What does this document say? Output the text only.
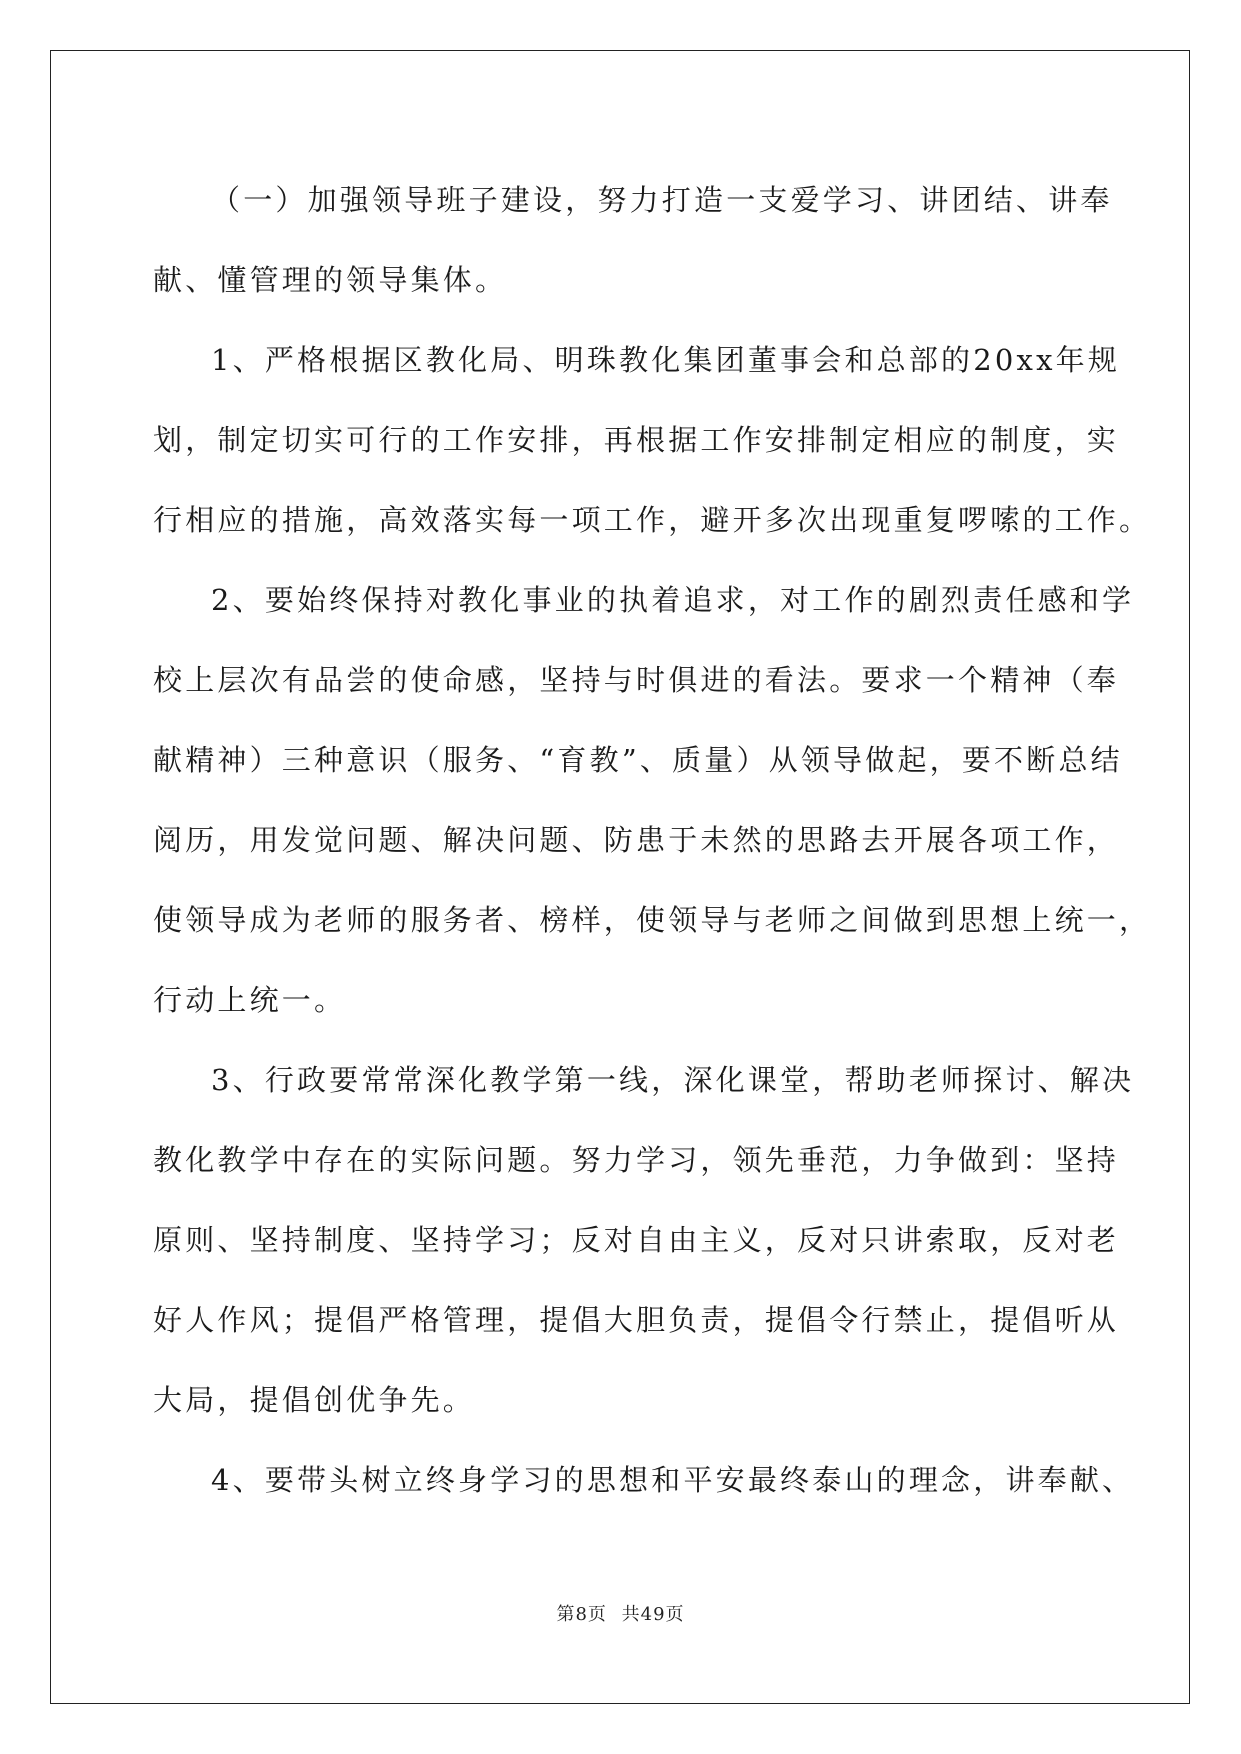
（一）加强领导班子建设，努力打造一支爱学习、讲团结、讲奉
献、懂管理的领导集体。

1、严格根据区教化局、明珠教化集团董事会和总部的20xx年规
划，制定切实可行的工作安排，再根据工作安排制定相应的制度，实
行相应的措施，高效落实每一项工作，避开多次出现重复啰嗦的工作。

2、要始终保持对教化事业的执着追求，对工作的剧烈责任感和学
校上层次有品尝的使命感，坚持与时俱进的看法。要求一个精神（奉
献精神）三种意识（服务、“育教”、质量）从领导做起，要不断总结
阅历，用发觉问题、解决问题、防患于未然的思路去开展各项工作，
使领导成为老师的服务者、榜样，使领导与老师之间做到思想上统一，
行动上统一。

3、行政要常常深化教学第一线，深化课堂，帮助老师探讨、解决
教化教学中存在的实际问题。努力学习，领先垂范，力争做到：坚持
原则、坚持制度、坚持学习；反对自由主义，反对只讲索取，反对老
好人作风；提倡严格管理，提倡大胆负责，提倡令行禁止，提倡听从
大局，提倡创优争先。

4、要带头树立终身学习的思想和平安最终泰山的理念，讲奉献、

第8页 共49页
